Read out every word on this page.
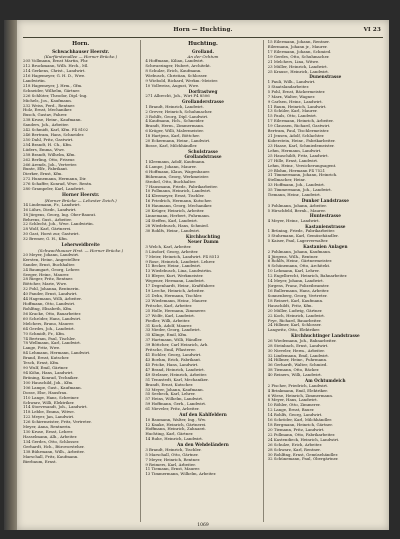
Horn — Huchting.	VI 23
Horn.
Schwachhauser Heerstr.
(Kurfürstenallee — Horner Brücke.)
205 Vollmann, Ernst Martin, Fhr.
212 Bruckmann, Wilh. Hrch., Ml.
214 Gerkens, Christ., Landwirt.
216 Hagemeyer, G. H. D., Wwe.
Landwirtin.
218 Hagemeyer, J. Hrm., Gfm.
Schneider, Wilhelm, Gärtner.
226 Schlüter, Theodor, Dipl.-Ing.
Michels, Jos., Kaufmann.
232 Weiss, Ferd., Rentner.
Holz, Ernst, Mechaniker.
Busch, Gustav, Fahrer.
238 Kruse, Heinr., Kaufmann.
Sanders, Joh., Arbeiter.
242 Schmidt, Karl, Kfm. F4 8102
246 Bertram, Hans, Schneider.
250 Dahl, Fritz, Gastwirt.
254 Brandt, H. Ch., Kfm.
Lüders, Emma, Wwe.
258 Brandt, Wilhelm, Kfm.
262 Berling, Otto, Friseur.
266 Arends, Joh., Vertreter.
Bunte, Elfr., Fabrikant.
Dierker, Ernst, Kfm.
272 Hunnemann, Hermann, Dir.
276 Schaffer, Konrad, Wwe. Rentn.
280 Grampeler, Karl, Landwirt.
Horner Heerstr.
(Horner Brücke — Lehester Deich.)
14 Lindemann, Fr., Landwirt.
16 Lührs, Diedr., Landwirt.
18 Jürgens, Georg, Ing. Ober-Baurat.
Behrens, Gust., Arbeiter.
22 Schlecht, Joh., Wwe. Landwirtin.
28 Wolf, Karl, Gärtnerei.
30 Gast, Horst zur, Gastwirt.
32 Bremer, G. H., Kfm.
Leherweidbreite
(Schwachhauser Hrst. — Horner Brücke.)
20 Meyer, Johann, Landwirt.
Kersten, Heinr., Angestellter.
Sander, Ernst, Buchhalter.
24 Baumgart, Georg, Lehrer.
Seeger, Heinr., Maurer.
28 Rieger, Fritz, Rentner.
Böttcher, Marie, Wwe.
32 Pohl, Johanna, Rentnerin.
40 Pander, Ernst, Landwirt.
44 Hagemann, Willi, Arbeiter.
Hoffmann, Otto, Landwirt.
Rohlfing, Elisabeth, Kfm.
56 Kracke, Otto, Bauarbeiter.
60 Schröder, Hans, Landwirt.
Melchers, Bruno, Maurer.
64 Gerdes, Joh., Landwirt.
70 Schmidt, Fr., Kfm.
74 Bertram, Paul, Tischler.
78 Wellmann, Karl, Landwirt.
Lange, Fritz, Wwe.
84 Lehmann, Hermann, Landwirt.
Brand, Ernst, Kutscher.
Tesch, Ernst, Kfm.
90 Wulf, Emil, Gärtner.
94 Köhn, Hans, Landwirt.
Brüning, Konrad, Techniker.
100 Hauschild, Joh., Kfm.
106 Lampe, Gust., Kaufmann.
Dosse, Else, Hausfrau.
110 Lange, Hans, Schreiner.
Schwarz, Willi, Elektriker.
114 Stoevesandt, Joh., Landwirt.
118 Lebbe, Emma, Witwe.
122 Meyer, Jan, Landwirt.
126 Schirrmeister, Fritz, Vertreter.
Meyer, Anna, Rentnerin.
130 Kruse, Ernst, Lehrer.
Hasselmann, Alb., Arbeiter.
134 Gerdes, Otto, Schlosser.
Gerhardt, Hch., Bürovorsteher.
138 Bührmann, Wilh., Arbeiter.
Marschall, Fritz, Kaufmann.
Bierbaum, Ernst.
Huchting.
Grolland.
An der Ochtum
4 Hoffmann, Kilian, Landwirt.
Schwarzinger, Hubert, Architekt.
8 Schulze, Erich, Kaufmann.
Wiebusch, Christian, Schlosser.
9 Wiebold, Richard, Werkm.-Meister.
10 Vollweiss, August, Wwe.
Dorfrastweg
271 Albrecht, Joh., Wirt F4 8506
Grollanderstrasse
1 Brandt, Heinrich, Landwirt.
2 Grever, Heinrich, Schuhmacher.
3 Rohlfs, Georg, Dipl.-Landwirt.
4 Kaufmann, Hch., Schneider.
Brandt, Herm., Zimmermann.
6 Krüger, Willi, Malermeister.
18 Hartjens, Karl, Böttcher.
20 Eckermann, Heinr., Landwirt.
Bosse, Karl, Milchhändler.
Schulstrasse
Grollandstrasse
1 Kleemann, Adolf, Kaufmann.
4 Lampe, Johann, Maurer.
6 Hoffmann, Klaus, Wagenbauer.
Bührmann, Georg, Werkmeister.
Strobel, Otto, Buchhalter.
7 Hausmann, Friedr., Fabrikarbeiter.
10 Pollmann, Heinrich, Landwirt.
14 Kleemeyer, Ernst, Tischler.
16 Friedrich, Hermann, Kutscher.
18 Haumann, Georg, Mechaniker.
20 Krüger, Heinrich, Arbeiter.
Linnemann, Herbert, Fuhrmann.
24 Steffen, Karl, Landwirt.
28 Wiedebusch, Hans, Schmied.
30 Rohlfs, Heinr., Landwirt.
Kirchhuchting
Neuer Damm
3 Welch, Karl, Arbeiter.
5 Lüsdorf, Georg, Arbeiter.
7 Meier, Heinrich, Landwirt. F4 8513
9 Rose, Heinrich, Landwirt. Lehrer.
11 Becker, Heinr., Landwirt.
13 Wiedebusch, Lina, Landwirtin.
15 Bleyer, Kurt, Werkmeister.
Wegener, Hermann, Landwirt.
17 Degenhardt, Heinr., Kraftfahrer.
19 Lerche, Heinrich, Arbeiter.
21 Dehn, Hermann, Tischler.
23 Wiedemann, Heinr., Maurer.
Fritsche, Karl, Arbeiter.
25 Holle, Hermann, Zimmerer.
27 Wolfe, Karl, Landwirt.
Fiedler, Willi, Arbeiter.
31 Koch, Adolf, Maurer.
33 Nieder, Georg, Landwirt.
35 Klinge, Emil, Kfm.
37 Hartmann, Willi, Händler.
39 Böttcher, Carl Heinrich, Arb.
Fritsche, Emil, Pflasterer.
41 Eichler, Georg, Landwirt.
43 Boehm, Erich, Fabrikant.
45 Fricke, Hans, Landwirt.
47 Brand, Heinrich, Landwirt.
49 Stelzner, Heinrich, Arbeiter.
51 Tennstedt, Karl, Mechaniker.
Brandt, Ernst, Kutscher.
53 Meyer, Johann, Kaufmann.
55 Seebeck, Karl, Lehrer.
57 Heins, Wilhelm, Landwirt.
59 Hoffmann, Gerh., Landwirt.
61 Nieveler, Fritz, Arbeiter.
Auf den Kahlfeldern
10 Baumann, Walter, Ing., Ww.
12 Knake, Heinrich, Gärtnerei.
Hoffmann, Heinrich, Zahnarzt.
Huchting, Karl, Gärtner.
14 Ruhe, Heinrich, Landwirt.
An den Wehdeländern
3 Brandt, Heinrich, Tischler.
5 Marschall, Otto, Gärtner.
7 Meyer, Heinrich, Rentner.
9 Reimers, Karl, Arbeiter.
11 Tiemann, Ernst, Maurer.
13 Timmermann, Wilhelm, Arbeiter.
15 Eilermann, Johann, Rentner.
Eilermann, Johann jr., Maurer.
17 Eilermann, Johann, Schmied.
19 Gerdes, Otto, Schuhmacher.
21 Melchers, Lina, Witwe.
23 Müller, Heinrich, Landwirt.
25 Krause, Heinrich, Landwirt.
Dunenstrasse
1 Pauli, Wilh., Landwirt.
3 Staatslandarbeiter.
5 Pohl, Ernst, Bäckermeister.
7 Marx, Walter, Wagner.
9 Carlsen, Heinr., Landwirt.
11 Baum, Heinrich, Landwirt.
13 Schüler, Karl, Maurer.
15 Pauls, Otto, Landwirt.
17 Eilermann, Heinrich, Arbeiter.
19 Claussen, Richard, Gastwirt.
Bertram, Paul, Tischlermeister.
21 Jensen, Adolf, Schlachter.
Koberstein, Heinr., Fabrikarbeiter.
23 Haase, Karl, Schmiedemeister.
Lehm, Hermann, Landwirt.
25 Hauschildt, Fritz, Landwirt.
27 Hille, Ernst, Landwirt.
Lehm, Heinr., Versicherungsagent.
29 Blohm, Hermann F4 7521
31 Timmermann, Johann, Heinrich.
Stellmacher, Heinr.
33 Hoffmann, Joh., Landwirt.
35 Timmermann, Joh., Landwirt.
Tiemann, Heinr., Landwirt.
Dunker Landstrasse
3 Pohlmann, Johann, Arbeiter.
5 Hirschfeld, Bernh., Maurer.
Huntestrasse
4 Meyer, Heinr., Landwirt.
Kastanienstrasse
1 Brüning, Friedr., Fabrikarbeiter.
3 Stuhrmann, Karl, Gemüsehändler.
5 Kaiser, Paul, Lagerverwalter.
Kastanien Anlagen
2 Pohlmann, Johann, Kaufmann.
4 Jürgens, Wilh., Rentner.
6 Rohlfs, Heinr., Gärtnermeister.
8 Schünemann, Otto, Architekt.
10 Lehmann, Karl, Lehrer.
12 Engelbrecht, Heinrich, Bahnarbeiter.
14 Meyer, Johann, Landwirt.
Jürgens, Franz, Polizeibeamter.
16 Bullermann, Hans, Arbeiter.
Sonnenberg, Georg, Vertreter.
18 Reinert, Karl, Kaufmann.
Hauschildt, Fritz, Kfm.
20 Müller, Ludwig, Gärtner.
22 Koch, Heinrich, Landwirt.
Frye, Richard, Bauarbeiter.
24 Hillmer, Karl, Schlosser.
Langwitz, Otto, Elektriker.
Kirchhuchtinger Landstrasse
26 Wiedemann, Joh., Bahnarbeiter.
28 Steinbach, Ernst, Landwirt.
30 Nieveler, Herm., Arbeiter.
32 Lindemann, Emil, Landwirt.
34 Hillmer, Heinr., Fuhrmann.
36 Gerhardt, Walter, Schmied.
38 Tiemann, Otto, Bäcker.
40 Reiners, Willi, Landwirt.
Am Ochtumdeich
2 Fischer, Friedrich, Landwirt.
4 Brinkmann, Emil, Elektriker.
6 Wiese, Heinrich, Zimmermann.
8 Meyer, Hans, Landwirt.
10 Röhler, Otto, Zimmerer.
12 Lange, Ernst, Bauer.
14 Rohlfs, Georg, Landwirt.
16 Schröder, Karl, Milchhändler.
18 Bergmann, Heinrich, Gärtner.
20 Tiemann, Fritz, Landwirt.
22 Pollmann, Otto, Fabrikarbeiter.
24 Kastendieck, Heinrich, Landwirt.
26 Schulze, Erich, Arbeiter.
28 Schwarz, Karl, Rentner.
30 Rohlfing, Ernst, Gemüsehändler.
32 Schünemann, Paul, Obergärtner.
1069
